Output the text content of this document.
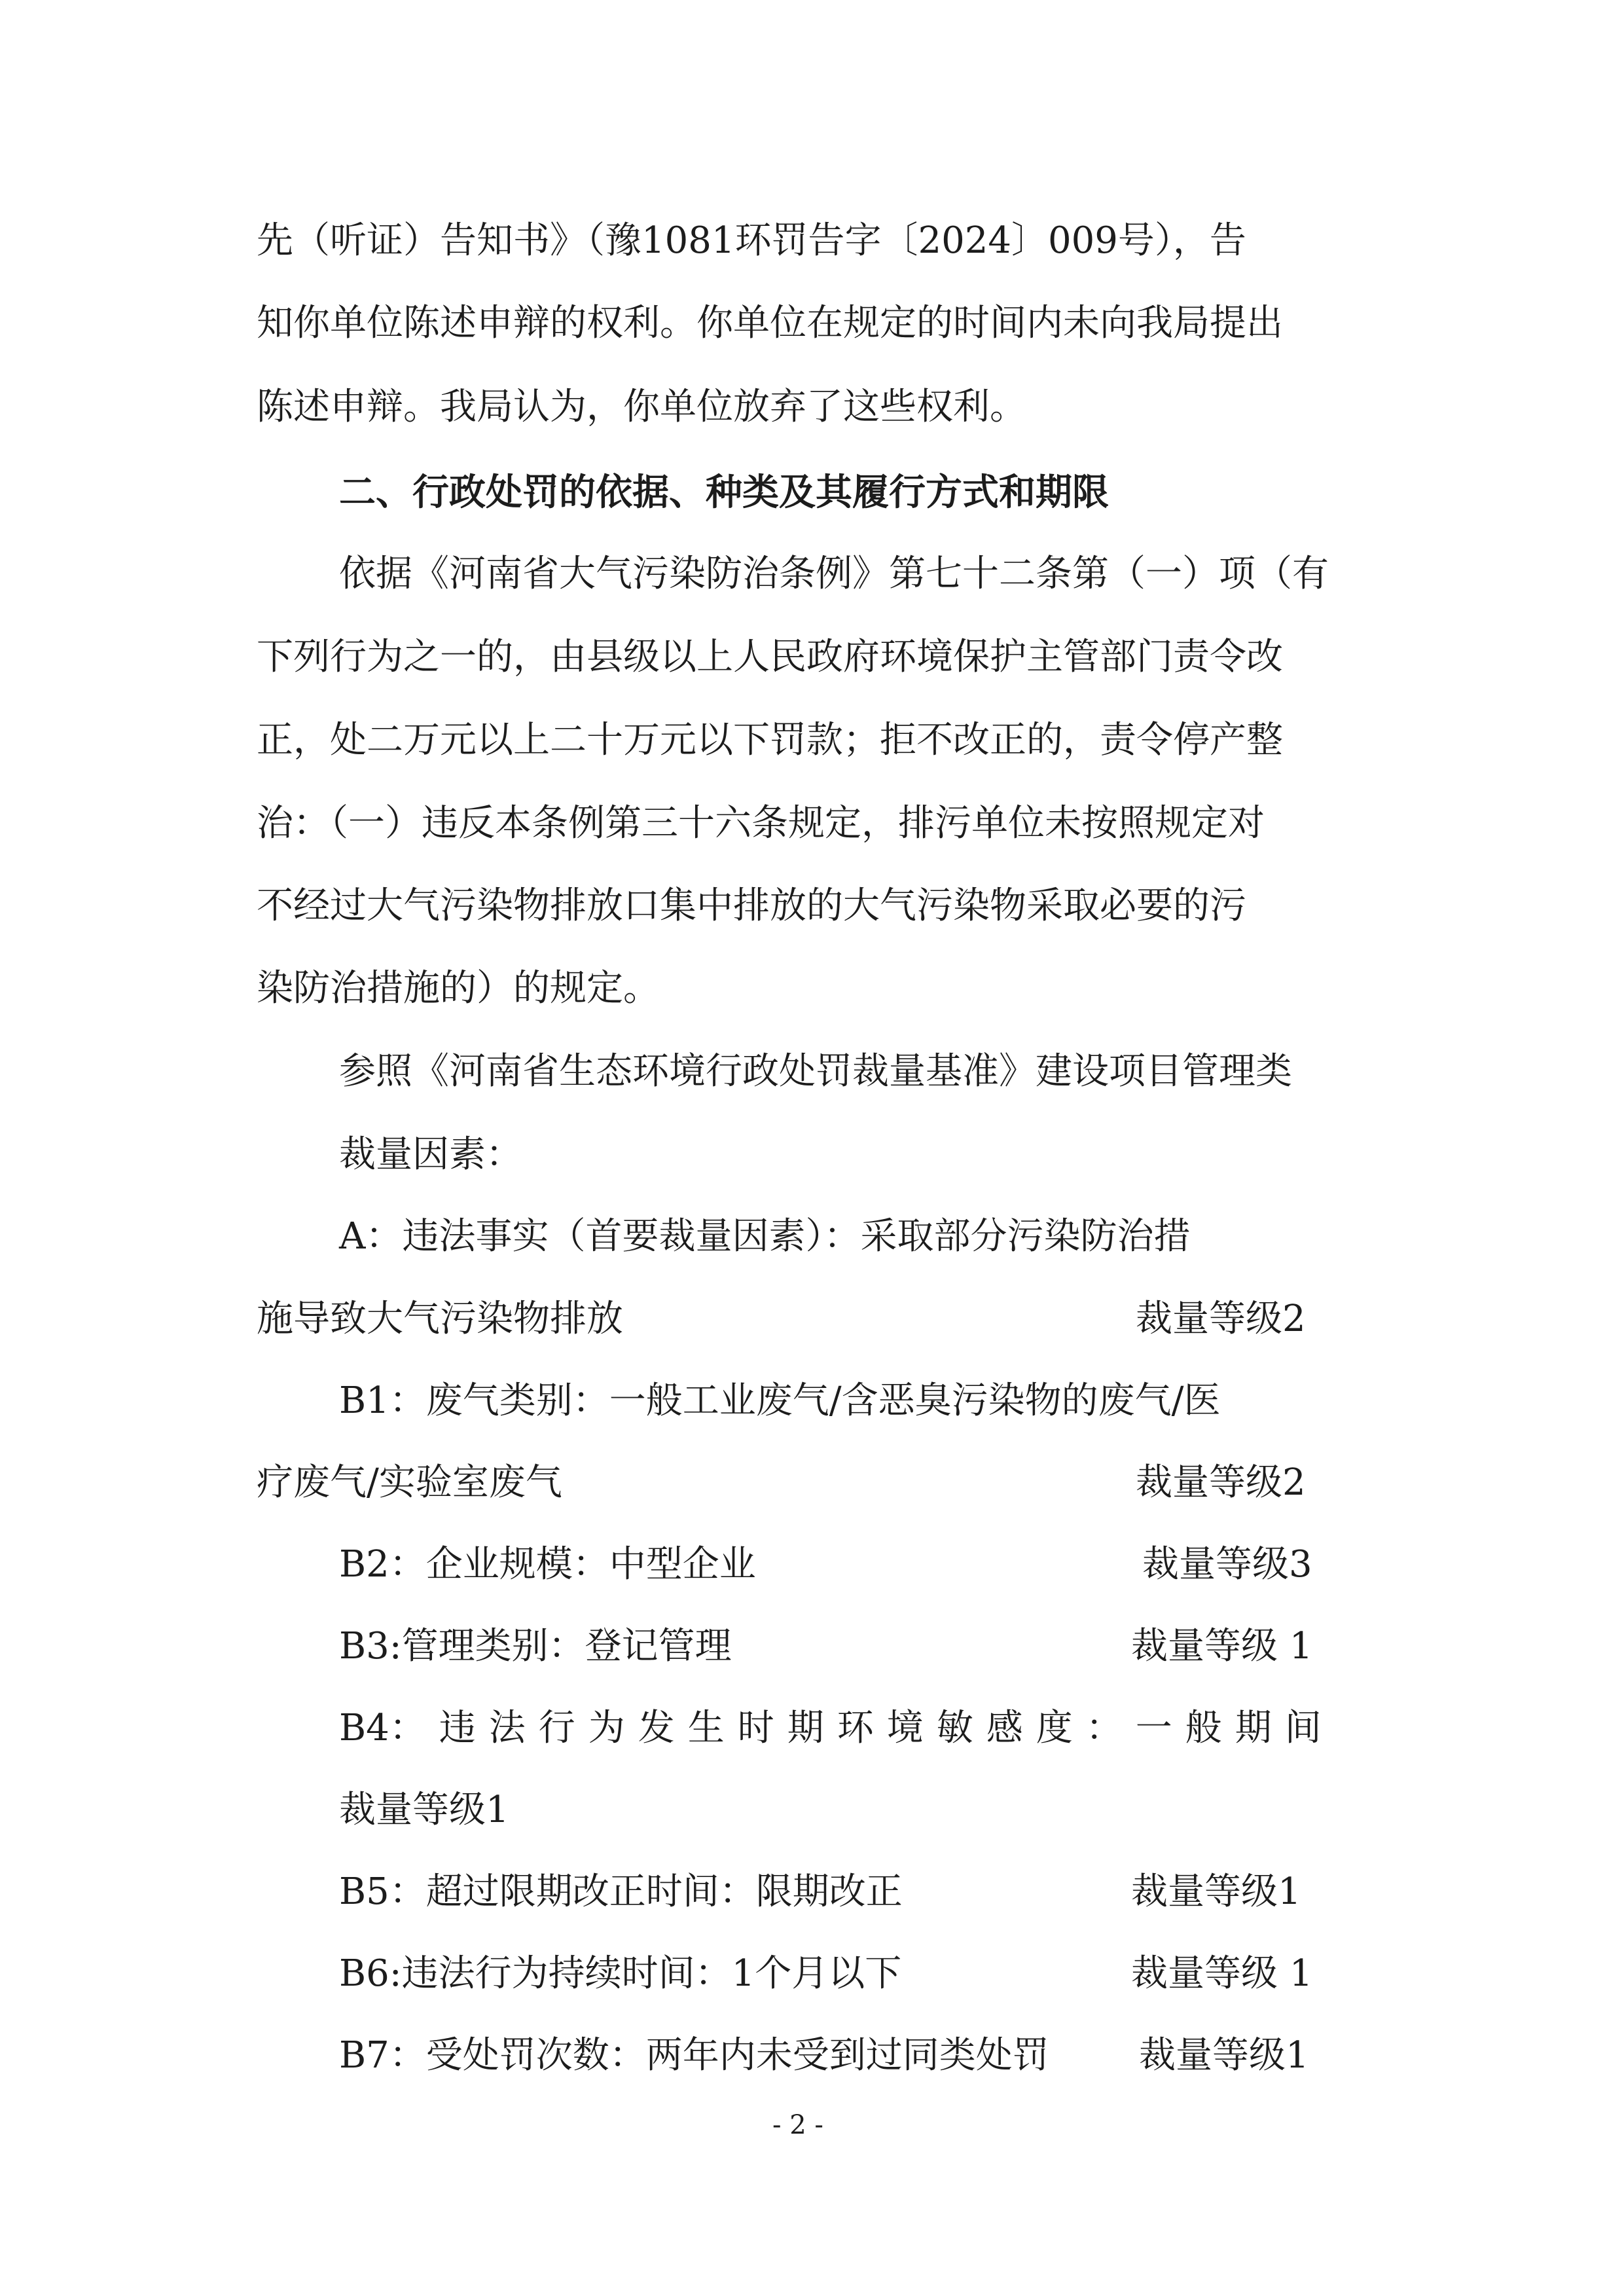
先（听证）告知书》（豫1081环罚告字〔2024〕009号），告
知你单位陈述申辩的权利。你单位在规定的时间内未向我局提出
陈述申辩。我局认为，你单位放弃了这些权利。
二、行政处罚的依据、种类及其履行方式和期限
依据《河南省大气污染防治条例》第七十二条第（一）项（有
下列行为之一的，由县级以上人民政府环境保护主管部门责令改
正，处二万元以上二十万元以下罚款；拒不改正的，责令停产整
治：（一）违反本条例第三十六条规定，排污单位未按照规定对
不经过大气污染物排放口集中排放的大气污染物采取必要的污
染防治措施的）的规定。
参照《河南省生态环境行政处罚裁量基准》建设项目管理类
裁量因素：
A：违法事实（首要裁量因素）：采取部分污染防治措
施导致大气污染物排放	裁量等级2
B1：废气类别：一般工业废气/含恶臭污染物的废气/医
疗废气/实验室废气	裁量等级2
B2：企业规模：中型企业	裁量等级3
B3:管理类别：登记管理	裁量等级 1
B4： 违法行为发生时期环境敏感度：一般期间
裁量等级1
B5：超过限期改正时间：限期改正	裁量等级1
B6:违法行为持续时间：1个月以下	裁量等级 1
B7：受处罚次数：两年内未受到过同类处罚 裁量等级1
- 2 -
